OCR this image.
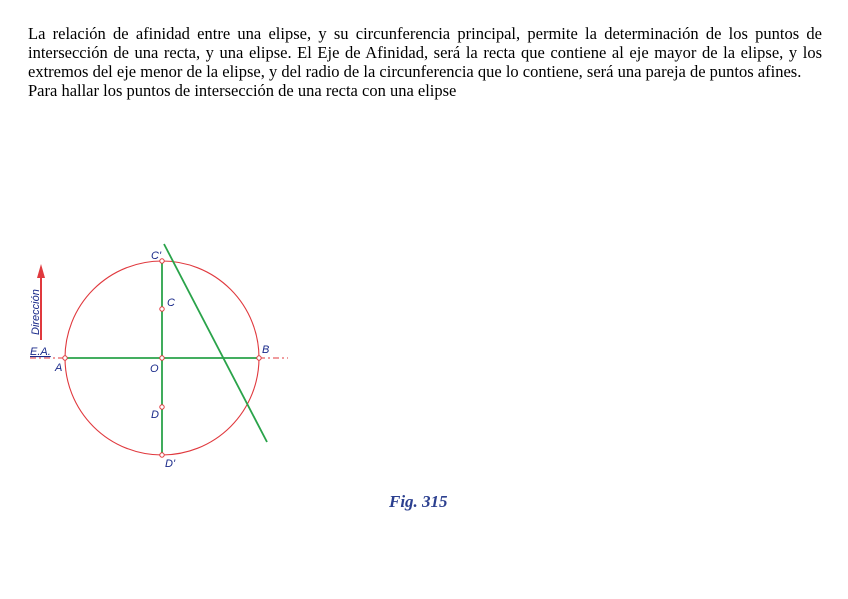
La relación de afinidad entre una elipse, y su circunferencia principal, permite la determinación de los puntos de intersección de una recta, y una elipse. El Eje de Afinidad, será la recta que contiene al eje mayor de la elipse, y los extremos del eje menor de la elipse, y del radio de la circunferencia que lo contiene, será una pareja de puntos afines.

Para hallar los puntos de intersección de una recta con una elipse

Dirección
E.A.
A
B
O
C'
C
D
D'
Fig. 315
